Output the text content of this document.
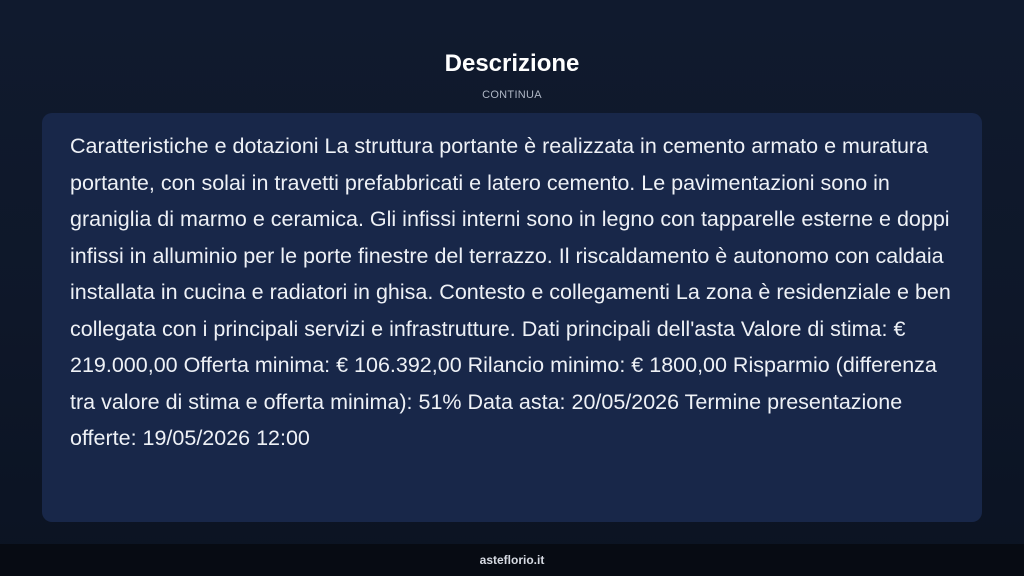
Descrizione
CONTINUA

Caratteristiche e dotazioni La struttura portante è realizzata in cemento armato e muratura portante, con solai in travetti prefabbricati e latero cemento. Le pavimentazioni sono in graniglia di marmo e ceramica. Gli infissi interni sono in legno con tapparelle esterne e doppi infissi in alluminio per le porte finestre del terrazzo. Il riscaldamento è autonomo con caldaia installata in cucina e radiatori in ghisa. Contesto e collegamenti La zona è residenziale e ben collegata con i principali servizi e infrastrutture. Dati principali dell'asta Valore di stima: € 219.000,00 Offerta minima: € 106.392,00 Rilancio minimo: € 1800,00 Risparmio (differenza tra valore di stima e offerta minima): 51% Data asta: 20/05/2026 Termine presentazione offerte: 19/05/2026 12:00

asteflorio.it
